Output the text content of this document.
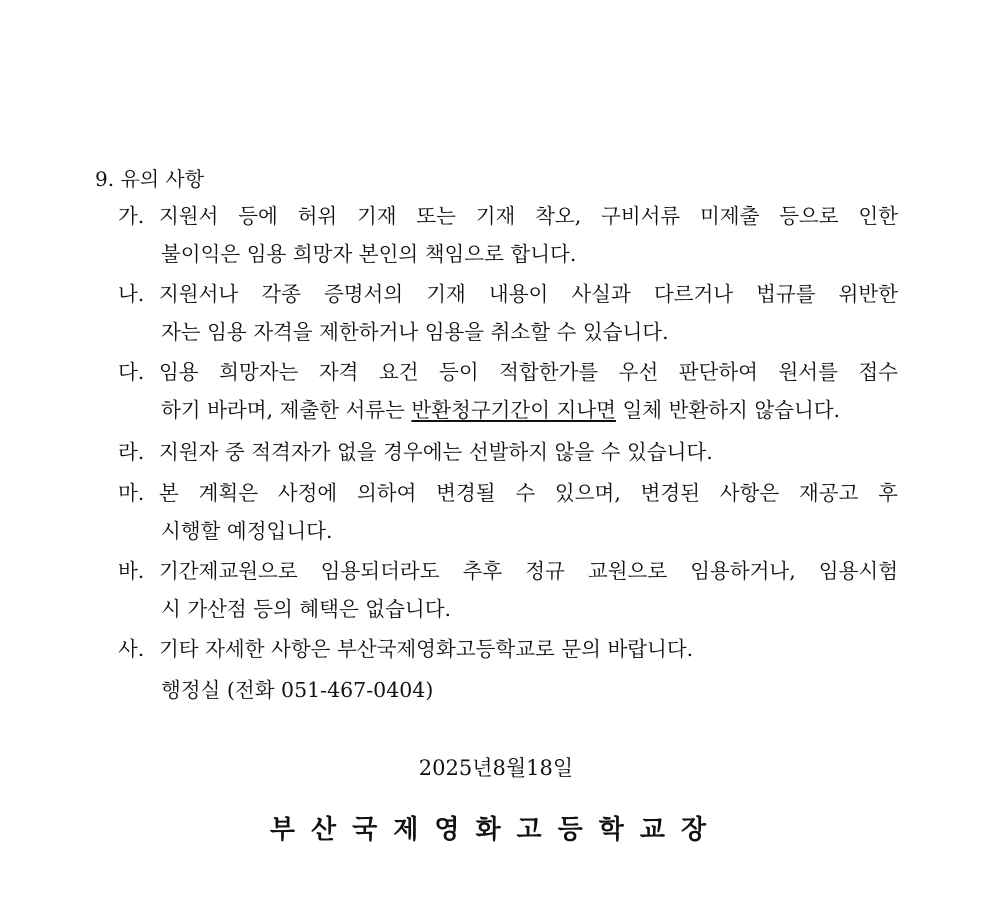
9. 유의 사항
가. 지원서 등에 허위 기재 또는 기재 착오, 구비서류 미제출 등으로 인한
불이익은 임용 희망자 본인의 책임으로 합니다.
나. 지원서나 각종 증명서의 기재 내용이 사실과 다르거나 법규를 위반한
자는 임용 자격을 제한하거나 임용을 취소할 수 있습니다.
다. 임용 희망자는 자격 요건 등이 적합한가를 우선 판단하여 원서를 접수
하기 바라며, 제출한 서류는 반환청구기간이 지나면 일체 반환하지 않습니다.
라. 지원자 중 적격자가 없을 경우에는 선발하지 않을 수 있습니다.
마. 본 계획은 사정에 의하여 변경될 수 있으며, 변경된 사항은 재공고 후
시행할 예정입니다.
바. 기간제교원으로 임용되더라도 추후 정규 교원으로 임용하거나, 임용시험
시 가산점 등의 혜택은 없습니다.
사. 기타 자세한 사항은 부산국제영화고등학교로 문의 바랍니다.
행정실 (전화 051-467-0404)
2025년8월18일
부산국제영화고등학교장
